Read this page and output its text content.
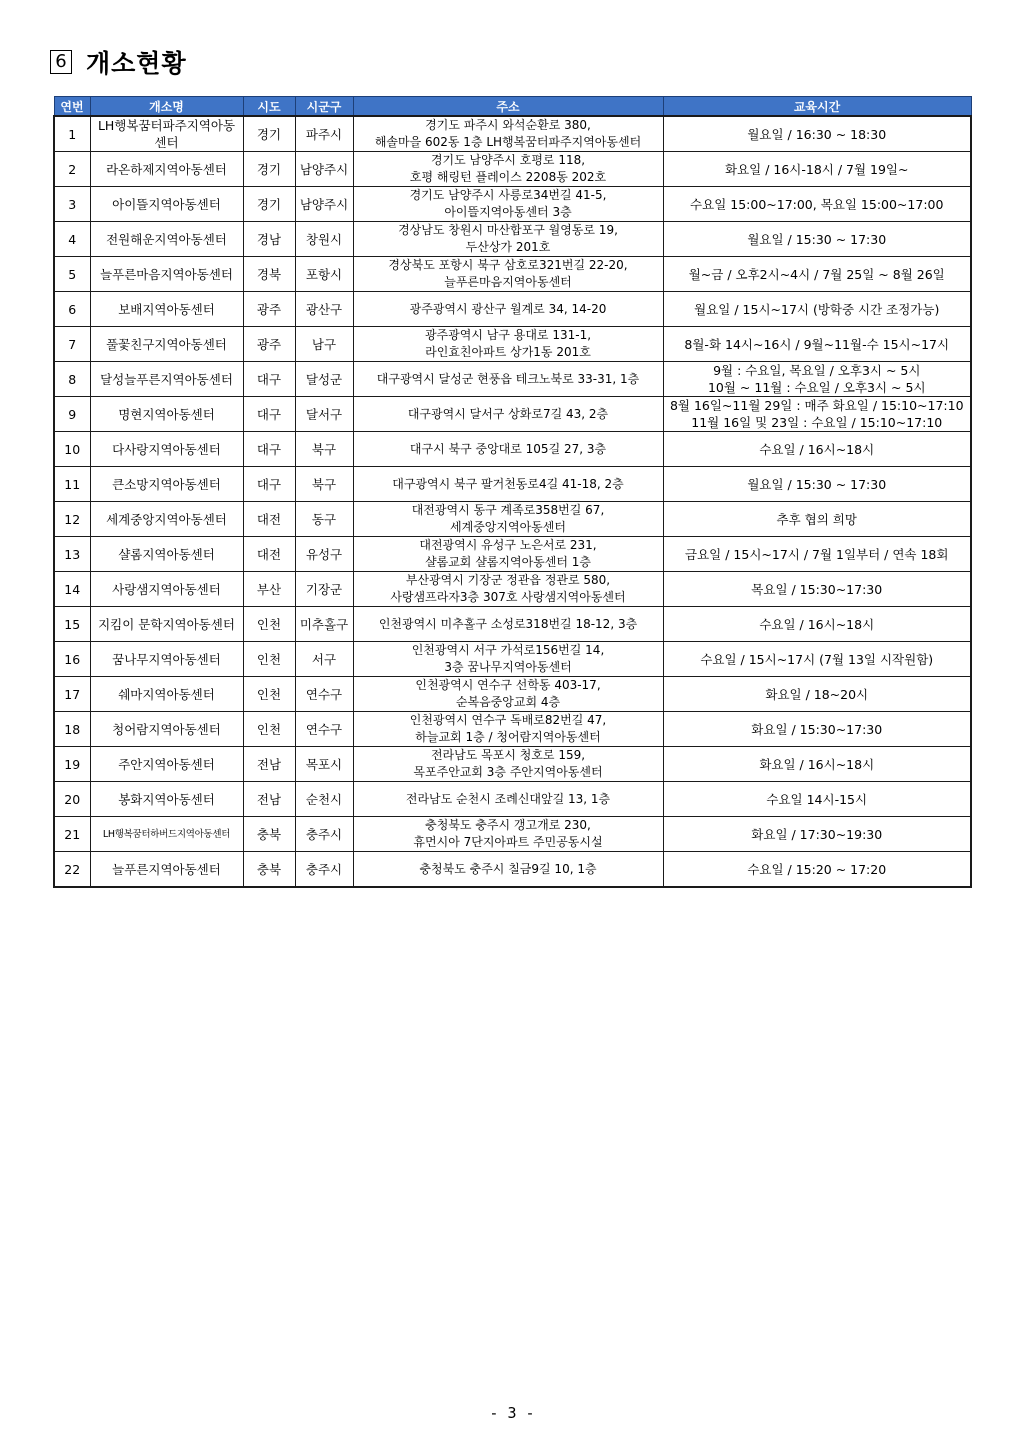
6 개소현황
연번	개소명	시도	시군구	주소	교육시간
1	LH행복꿈터파주지역아동센터	경기	파주시	경기도 파주시 와석순환로 380,
해솔마을 602동 1층 LH행복꿈터파주지역아동센터	월요일 / 16:30 ~ 18:30
2	라온하제지역아동센터	경기	남양주시	경기도 남양주시 호평로 118,
호평 해링턴 플레이스 2208동 202호	화요일 / 16시-18시 / 7월 19일~
3	아이뜰지역아동센터	경기	남양주시	경기도 남양주시 사릉로34번길 41-5,
아이뜰지역아동센터 3층	수요일 15:00~17:00, 목요일 15:00~17:00
4	전원해운지역아동센터	경남	창원시	경상남도 창원시 마산합포구 월영동로 19,
두산상가 201호	월요일 / 15:30 ~ 17:30
5	늘푸른마음지역아동센터	경북	포항시	경상북도 포항시 북구 삼호로321번길 22-20,
늘푸른마음지역아동센터	월~금 / 오후2시~4시 / 7월 25일 ~ 8월 26일
6	보배지역아동센터	광주	광산구	광주광역시 광산구 월계로 34, 14-20	월요일 / 15시~17시 (방학중 시간 조정가능)
7	풀꽃친구지역아동센터	광주	남구	광주광역시 남구 용대로 131-1,
라인효친아파트 상가1동 201호	8월-화 14시~16시 / 9월~11월-수 15시~17시
8	달성늘푸른지역아동센터	대구	달성군	대구광역시 달성군 현풍읍 테크노북로 33-31, 1층	9월 : 수요일, 목요일 / 오후3시 ~ 5시
10월 ~ 11월 : 수요일 / 오후3시 ~ 5시
9	명현지역아동센터	대구	달서구	대구광역시 달서구 상화로7길 43, 2층	8월 16일~11월 29일 : 매주 화요일 / 15:10~17:10
11월 16일 및 23일 : 수요일 / 15:10~17:10
10	다사랑지역아동센터	대구	북구	대구시 북구 중앙대로 105길 27, 3층	수요일 / 16시~18시
11	큰소망지역아동센터	대구	북구	대구광역시 북구 팔거천동로4길 41-18, 2층	월요일 / 15:30 ~ 17:30
12	세계중앙지역아동센터	대전	동구	대전광역시 동구 계족로358번길 67,
세계중앙지역아동센터	추후 협의 희망
13	샬롬지역아동센터	대전	유성구	대전광역시 유성구 노은서로 231,
샬롬교회 샬롬지역아동센터 1층	금요일 / 15시~17시 / 7월 1일부터 / 연속 18회
14	사랑샘지역아동센터	부산	기장군	부산광역시 기장군 정관읍 정관로 580,
사랑샘프라자3층 307호 사랑샘지역아동센터	목요일 / 15:30~17:30
15	지킴이 문학지역아동센터	인천	미추홀구	인천광역시 미추홀구 소성로318번길 18-12, 3층	수요일 / 16시~18시
16	꿈나무지역아동센터	인천	서구	인천광역시 서구 가석로156번길 14,
3층 꿈나무지역아동센터	수요일 / 15시~17시 (7월 13일 시작원함)
17	쉐마지역아동센터	인천	연수구	인천광역시 연수구 선학동 403-17,
순복음중앙교회 4층	화요일 / 18~20시
18	청어람지역아동센터	인천	연수구	인천광역시 연수구 독배로82번길 47,
하늘교회 1층 / 청어람지역아동센터	화요일 / 15:30~17:30
19	주안지역아동센터	전남	목포시	전라남도 목포시 청호로 159,
목포주안교회 3층 주안지역아동센터	화요일 / 16시~18시
20	봉화지역아동센터	전남	순천시	전라남도 순천시 조례신대앞길 13, 1층	수요일 14시-15시
21	LH행복꿈터하버드지역아동센터	충북	충주시	충청북도 충주시 갱고개로 230,
휴먼시아 7단지아파트 주민공동시설	화요일 / 17:30~19:30
22	늘푸른지역아동센터	충북	충주시	충청북도 충주시 칠금9길 10, 1층	수요일 / 15:20 ~ 17:20
- 3 -
